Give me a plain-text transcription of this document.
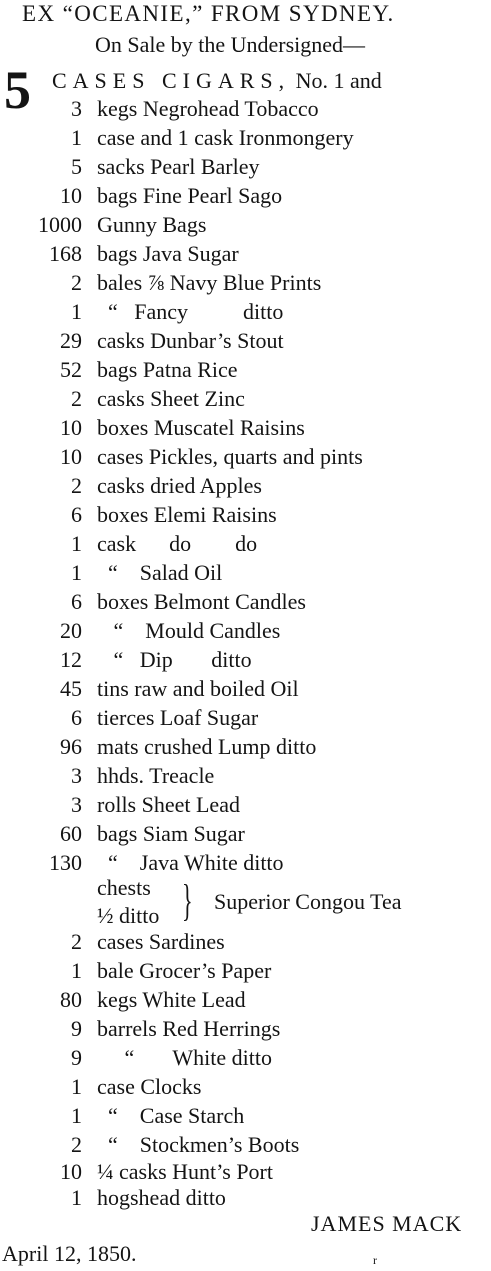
EX “OCEANIE,” FROM SYDNEY.
On Sale by the Undersigned—
5 CASES CIGARS, No. 1 and
3 kegs Negrohead Tobacco
1 case and 1 cask Ironmongery
5 sacks Pearl Barley
10 bags Fine Pearl Sago
1000 Gunny Bags
168 bags Java Sugar
2 bales ⅞ Navy Blue Prints
1 “   Fancy          ditto
29 casks Dunbar’s Stout
52 bags Patna Rice
2 casks Sheet Zinc
10 boxes Muscatel Raisins
10 cases Pickles, quarts and pints
2 casks dried Apples
6 boxes Elemi Raisins
1 cask      do        do
1 “    Salad Oil
6 boxes Belmont Candles
20 “    Mould Candles
12 “   Dip       ditto
45 tins raw and boiled Oil
6 tierces Loaf Sugar
96 mats crushed Lump ditto
3 hhds. Treacle
3 rolls Sheet Lead
60 bags Siam Sugar
130 “    Java White ditto
chests
½ ditto } Superior Congou Tea
2 cases Sardines
1 bale Grocer’s Paper
80 kegs White Lead
9 barrels Red Herrings
9 “       White ditto
1 case Clocks
1 “    Case Starch
2 “    Stockmen’s Boots
10 ¼ casks Hunt’s Port
1 hogshead ditto
JAMES MACK
April 12, 1850.	r
